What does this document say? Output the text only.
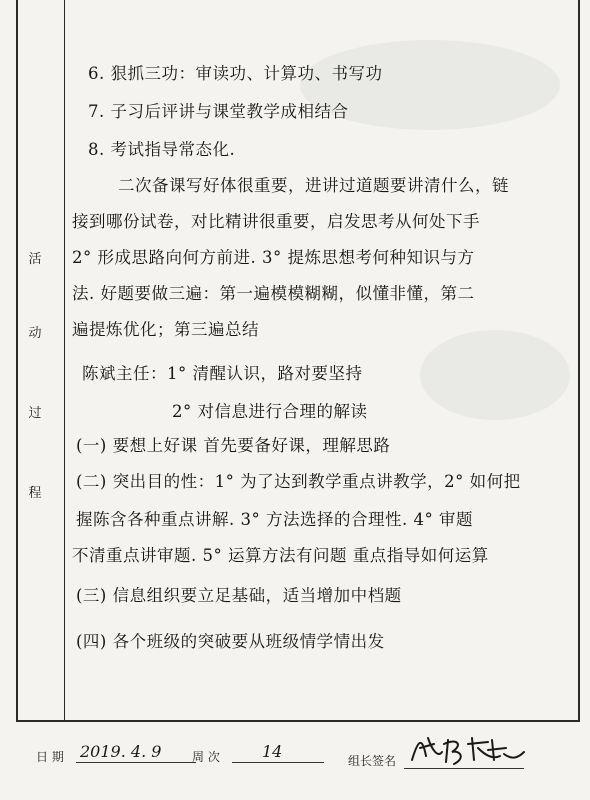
活
动
过
程
6. 狠抓三功：审读功、计算功、书写功
7. 子习后评讲与课堂教学成相结合
8. 考试指导常态化.
二次备课写好体很重要，进讲过道题要讲清什么，链
接到哪份试卷，对比精讲很重要，启发思考从何处下手
2° 形成思路向何方前进. 3° 提炼思想考何种知识与方
法. 好题要做三遍：第一遍模模糊糊，似懂非懂，第二
遍提炼优化；第三遍总结
陈斌主任：1° 清醒认识，路对要坚持
2° 对信息进行合理的解读
(一) 要想上好课 首先要备好课，理解思路
(二) 突出目的性：1° 为了达到教学重点讲教学，2° 如何把
握陈含各种重点讲解. 3° 方法选择的合理性. 4° 审题
不清重点讲审题. 5° 运算方法有问题 重点指导如何运算
(三) 信息组织要立足基础，适当增加中档题
(四) 各个班级的突破要从班级情学情出发
日 期 2019. 4. 9	周 次	14	组长签名
